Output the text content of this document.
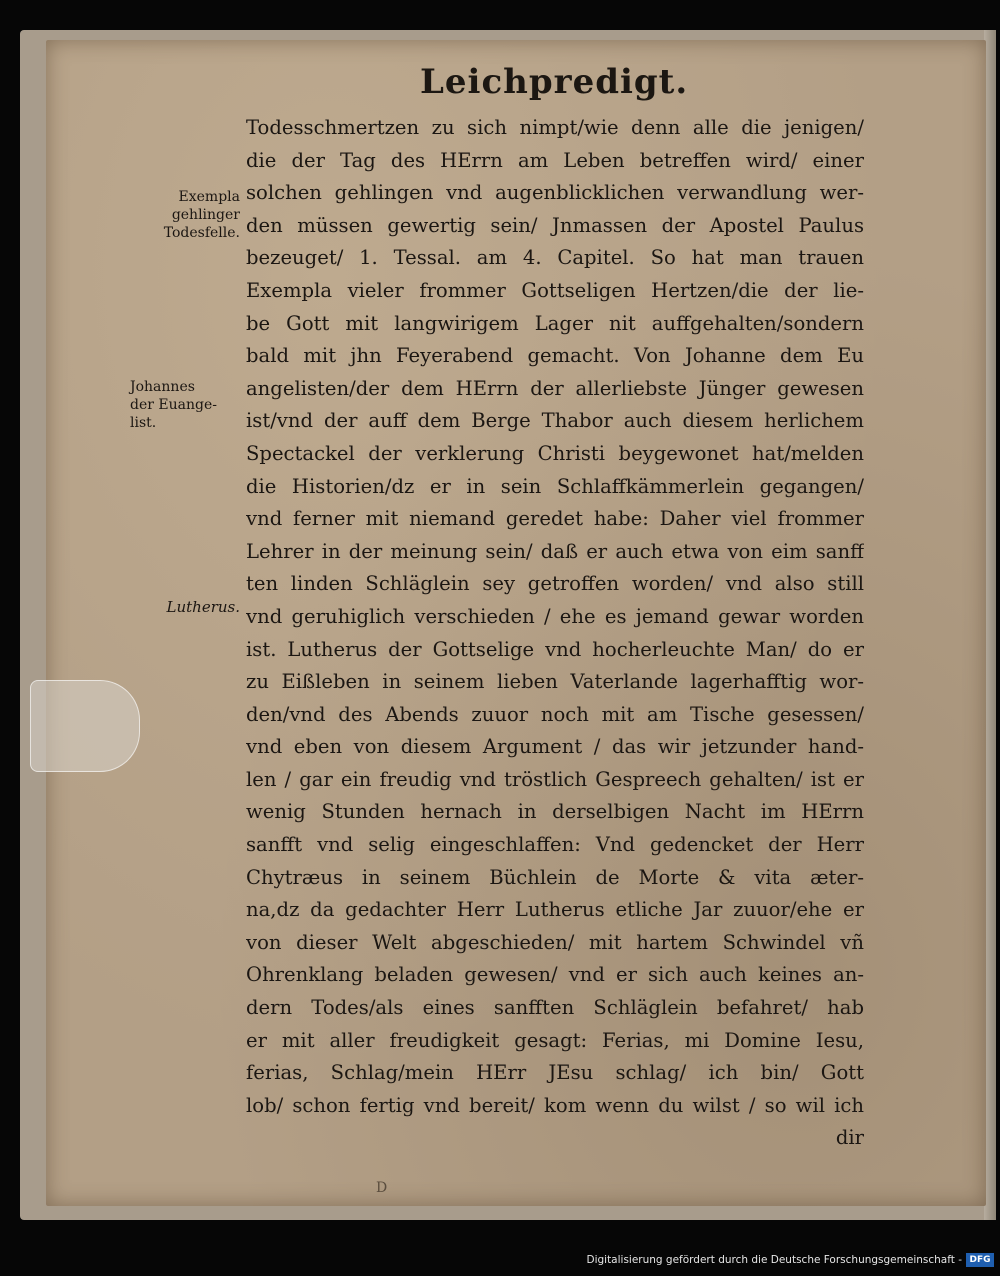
Leichpredigt.
Todesschmertzen zu sich nimpt/wie denn alle die jenigen/
die der Tag des HErrn am Leben betreffen wird/ einer
solchen gehlingen vnd augenblicklichen verwandlung wer-
den müssen gewertig sein/ Jnmassen der Apostel Paulus
bezeuget/ 1. Tessal. am 4. Capitel. So hat man trauen
Exempla vieler frommer Gottseligen Hertzen/die der lie-
be Gott mit langwirigem Lager nit auffgehalten/sondern
bald mit jhn Feyerabend gemacht. Von Johanne dem Eu
angelisten/der dem HErrn der allerliebste Jünger gewesen
ist/vnd der auff dem Berge Thabor auch diesem herlichem
Spectackel der verklerung Christi beygewonet hat/melden
die Historien/dz er in sein Schlaffkämmerlein gegangen/
vnd ferner mit niemand geredet habe: Daher viel frommer
Lehrer in der meinung sein/ daß er auch etwa von eim sanff
ten linden Schläglein sey getroffen worden/ vnd also still
vnd geruhiglich verschieden / ehe es jemand gewar worden
ist. Lutherus der Gottselige vnd hocherleuchte Man/ do er
zu Eißleben in seinem lieben Vaterlande lagerhafftig wor-
den/vnd des Abends zuuor noch mit am Tische gesessen/
vnd eben von diesem Argument / das wir jetzunder hand-
len / gar ein freudig vnd tröstlich Gespreech gehalten/ ist er
wenig Stunden hernach in derselbigen Nacht im HErrn
sanfft vnd selig eingeschlaffen: Vnd gedencket der Herr
Chytræus in seinem Büchlein de Morte & vita æter-
na,dz da gedachter Herr Lutherus etliche Jar zuuor/ehe er
von dieser Welt abgeschieden/ mit hartem Schwindel vñ
Ohrenklang beladen gewesen/ vnd er sich auch keines an-
dern Todes/als eines sanfften Schläglein befahret/ hab
er mit aller freudigkeit gesagt: Ferias, mi Domine Iesu,
ferias, Schlag/mein HErr JEsu schlag/ ich bin/ Gott
lob/ schon fertig vnd bereit/ kom wenn du wilst / so wil ich
dir
Exempla
gehlinger
Todesfelle.
Johannes
der Euange-
list.
Lutherus.
D
Digitalisierung gefördert durch die Deutsche Forschungsgemeinschaft - DFG
